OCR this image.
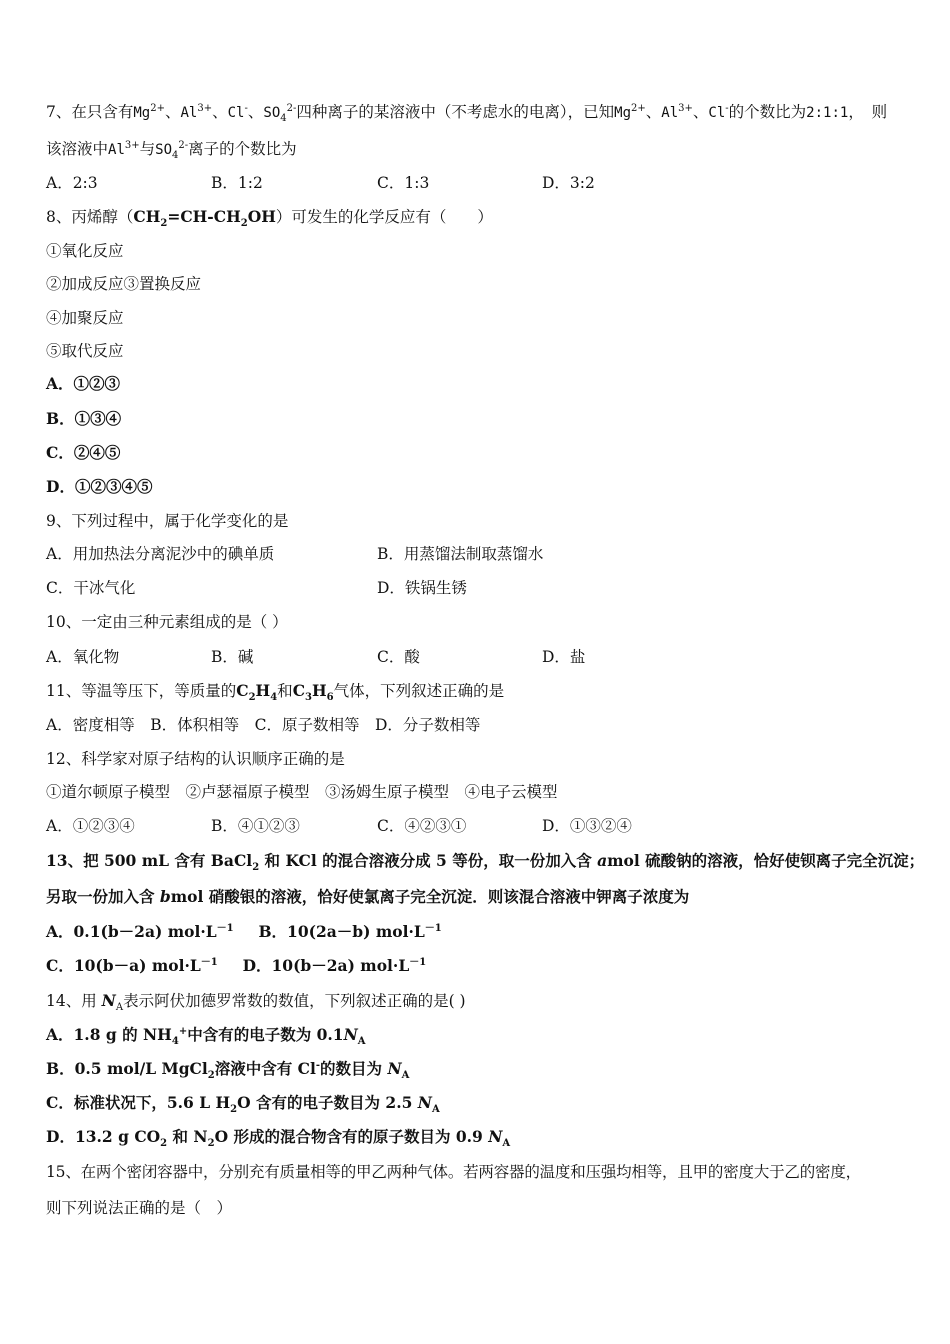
7、在只含有$Mg^{2+}$、$Al^{3+}$、Cl-、$SO_4^{2-}$四种离子的某溶液中（不考虑水的电离），已知$Mg^{2+}$、$Al^{3+}$、Cl-的个数比为2:1:1，　则
该溶液中$Al^{3+}$与$SO_4^{2-}$离子的个数比为
A．2:3	B．1:2	C．1:3	D．3:2
8、丙烯醇$(CH_2=CH-CH_2OH)$可发生的化学反应有（　　）
①氧化反应
②加成反应③置换反应
④加聚反应
⑤取代反应
A．①②③
B．①③④
C．②④⑤
D．①②③④⑤
9、下列过程中，属于化学变化的是
A．用加热法分离泥沙中的碘单质	B．用蒸馏法制取蒸馏水
C．干冰气化	D．铁锅生锈
10、一定由三种元素组成的是（ ）
A．氧化物	B．碱	C．酸	D．盐
11、等温等压下，等质量的$C_2H_4$和$C_3H_6$气体，下列叙述正确的是
A．密度相等　B．体积相等　C．原子数相等　D．分子数相等
12、科学家对原子结构的认识顺序正确的是
①道尔顿原子模型　②卢瑟福原子模型　③汤姆生原子模型　④电子云模型
A．①②③④	B．④①②③	C．④②③①	D．①③②④
13、把 500 mL 含有 BaCl$_2$ 和 KCl 的混合溶液分成 5 等份，取一份加入含 amol 硫酸钠的溶液，恰好使钡离子完全沉淀；
另取一份加入含 bmol 硝酸银的溶液，恰好使氯离子完全沉淀．则该混合溶液中钾离子浓度为
A．0.1(b－2a) $mol\cdot L^{-1}$ B．10(2a－b) $mol\cdot L^{-1}$
C．10(b－a) $mol\cdot L^{-1}$ D．10(b－2a) $mol\cdot L^{-1}$
14、用 $N_A$表示阿伏加德罗常数的数值，下列叙述正确的是( )
A．1.8 g 的 $NH_4^+$中含有的电子数为 $0.1N_A$
B．0.5 mol/L MgCl$_2$溶液中含有 Cl-的数目为 $N_A$
C．标准状况下，5.6 L $H_2O$ 含有的电子数目为 2.5 $N_A$
D．13.2 g $CO_2$ 和 $N_2O$ 形成的混合物含有的原子数目为 0.9 $N_A$
15、在两个密闭容器中，分别充有质量相等的甲乙两种气体。若两容器的温度和压强均相等，且甲的密度大于乙的密度，
则下列说法正确的是（　）
